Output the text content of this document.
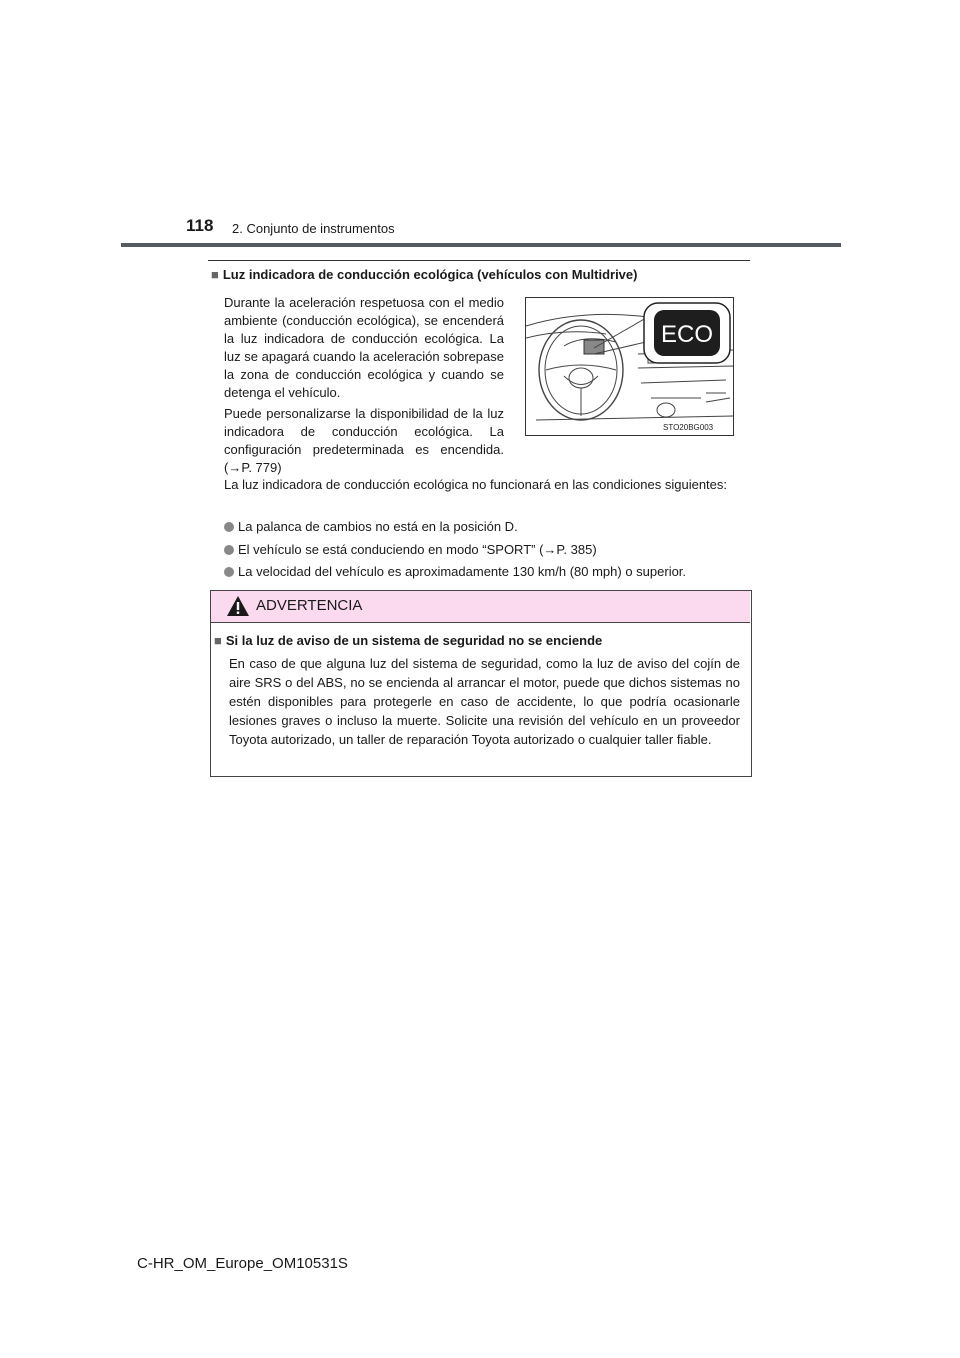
118 2. Conjunto de instrumentos
■ Luz indicadora de conducción ecológica (vehículos con Multidrive)
Durante la aceleración respetuosa con el medio ambiente (conducción ecológica), se encenderá la luz indicadora de conducción ecológica. La luz se apagará cuando la aceleración sobrepase la zona de conducción ecológica y cuando se detenga el vehículo.
Puede personalizarse la disponibilidad de la luz indicadora de conducción ecológica. La configuración predeterminada es encendida. (→P. 779)
La luz indicadora de conducción ecológica no funcionará en las condiciones siguientes:
La palanca de cambios no está en la posición D.
El vehículo se está conduciendo en modo “SPORT” (→P. 385)
La velocidad del vehículo es aproximadamente 130 km/h (80 mph) o superior.
ECO
STO20BG003
ADVERTENCIA
■ Si la luz de aviso de un sistema de seguridad no se enciende
En caso de que alguna luz del sistema de seguridad, como la luz de aviso del cojín de aire SRS o del ABS, no se encienda al arrancar el motor, puede que dichos sistemas no estén disponibles para protegerle en caso de accidente, lo que podría ocasionarle lesiones graves o incluso la muerte. Solicite una revisión del vehículo en un proveedor Toyota autorizado, un taller de reparación Toyota autorizado o cualquier taller fiable.
C-HR_OM_Europe_OM10531S
